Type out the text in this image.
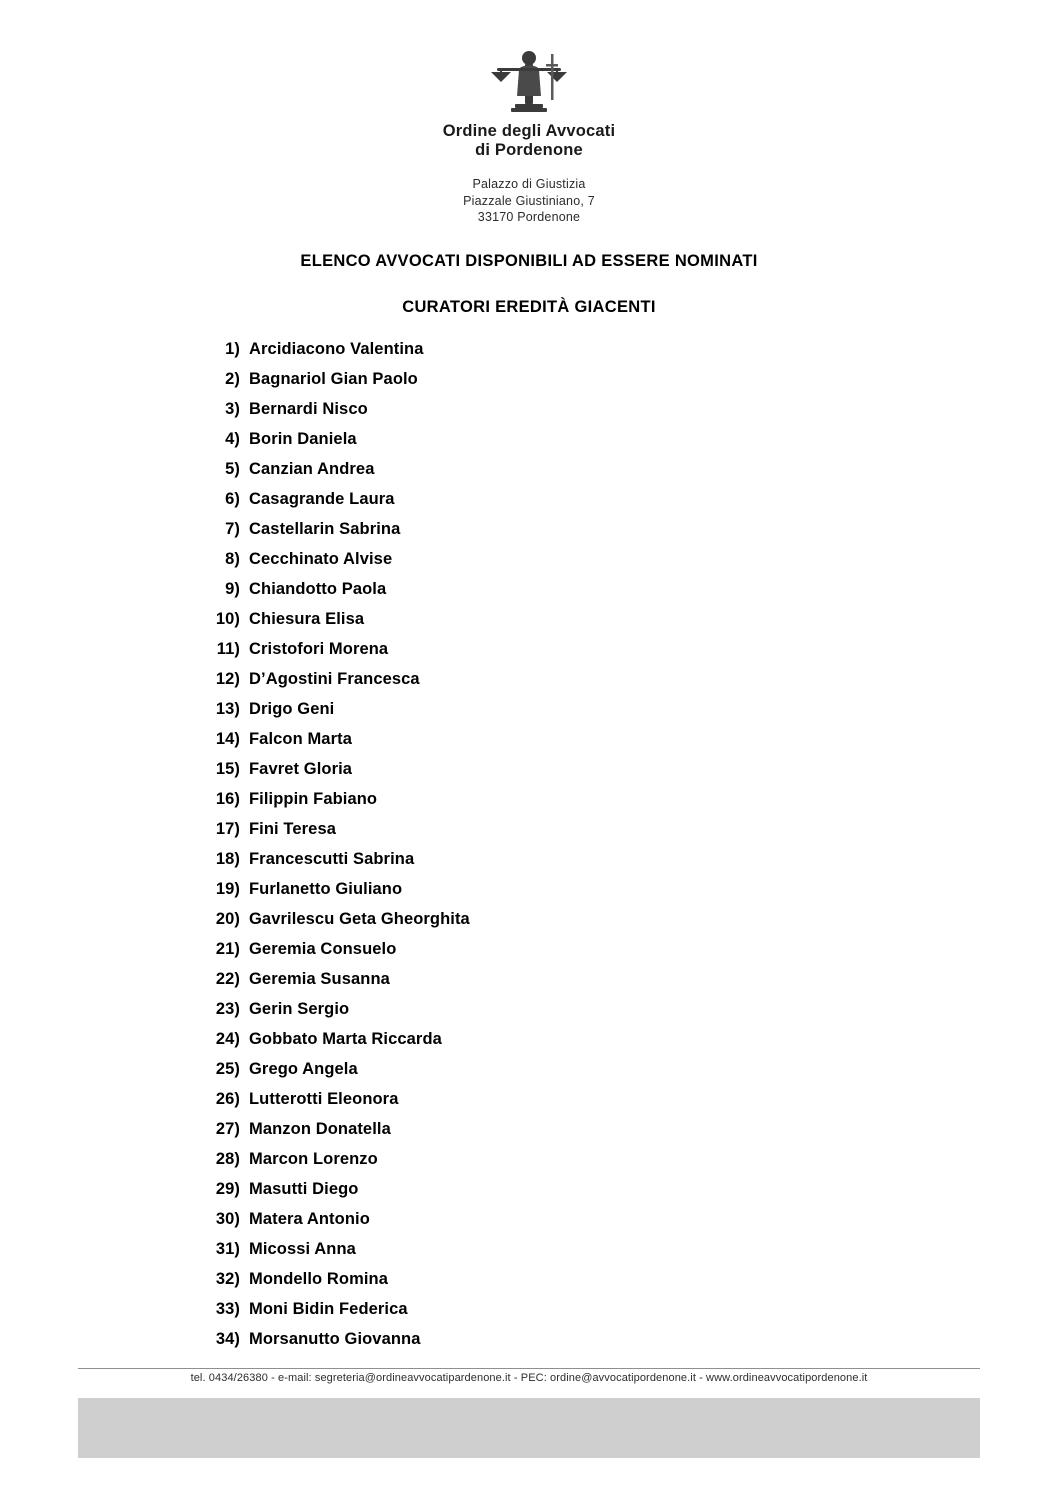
Ordine degli Avvocati
di Pordenone
Palazzo di Giustizia
Piazzale Giustiniano, 7
33170 Pordenone
ELENCO AVVOCATI DISPONIBILI AD ESSERE NOMINATI
CURATORI EREDITÀ GIACENTI
1) Arcidiacono Valentina
2) Bagnariol Gian Paolo
3) Bernardi Nisco
4) Borin Daniela
5) Canzian Andrea
6) Casagrande Laura
7) Castellarin Sabrina
8) Cecchinato Alvise
9) Chiandotto Paola
10) Chiesura Elisa
11) Cristofori Morena
12) D’Agostini Francesca
13) Drigo Geni
14) Falcon Marta
15) Favret Gloria
16) Filippin Fabiano
17) Fini Teresa
18) Francescutti Sabrina
19) Furlanetto Giuliano
20) Gavrilescu Geta Gheorghita
21) Geremia Consuelo
22) Geremia Susanna
23) Gerin Sergio
24) Gobbato Marta Riccarda
25) Grego Angela
26) Lutterotti Eleonora
27) Manzon Donatella
28) Marcon Lorenzo
29) Masutti Diego
30) Matera Antonio
31) Micossi Anna
32) Mondello Romina
33) Moni Bidin Federica
34) Morsanutto Giovanna
tel. 0434/26380 - e-mail: segreteria@ordineavvocatipardenone.it - PEC: ordine@avvocatipordenone.it - www.ordineavvocatipordenone.it
